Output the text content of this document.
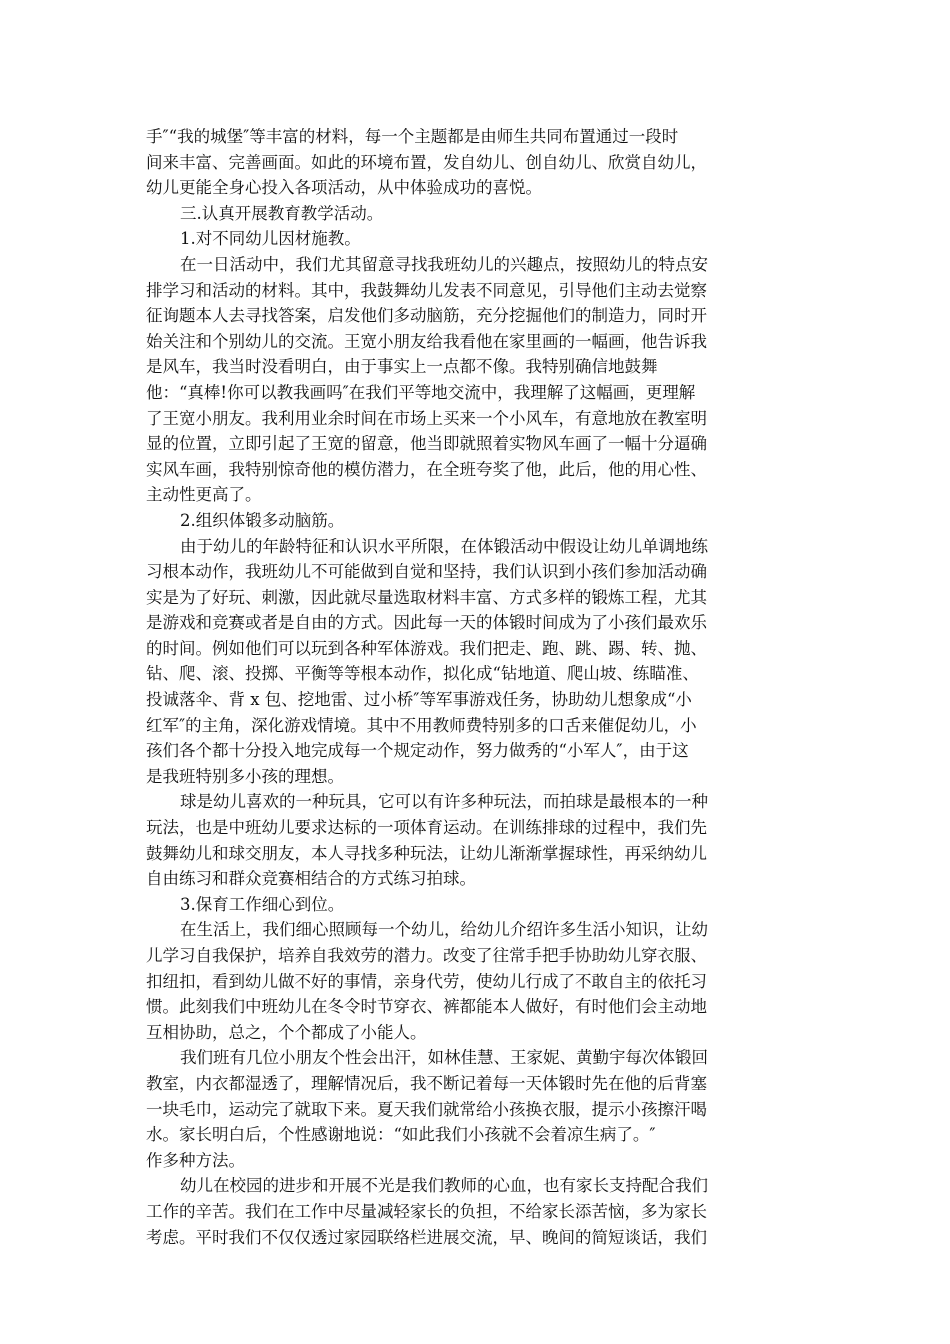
手″“我的城堡″等丰富的材料，每一个主题都是由师生共同布置通过一段时
间来丰富、完善画面。如此的环境布置，发自幼儿、创自幼儿、欣赏自幼儿，
幼儿更能全身心投入各项活动，从中体验成功的喜悦。
三.认真开展教育教学活动。
1.对不同幼儿因材施教。
在一日活动中，我们尤其留意寻找我班幼儿的兴趣点，按照幼儿的特点安
排学习和活动的材料。其中，我鼓舞幼儿发表不同意见，引导他们主动去觉察
征询题本人去寻找答案，启发他们多动脑筋，充分挖掘他们的制造力，同时开
始关注和个别幼儿的交流。王宽小朋友给我看他在家里画的一幅画，他告诉我
是风车，我当时没看明白，由于事实上一点都不像。我特别确信地鼓舞
他：“真棒!你可以教我画吗″在我们平等地交流中，我理解了这幅画，更理解
了王宽小朋友。我利用业余时间在市场上买来一个小风车，有意地放在教室明
显的位置，立即引起了王宽的留意，他当即就照着实物风车画了一幅十分逼确
实风车画，我特别惊奇他的模仿潜力，在全班夸奖了他，此后，他的用心性、
主动性更高了。
2.组织体锻多动脑筋。
由于幼儿的年龄特征和认识水平所限，在体锻活动中假设让幼儿单调地练
习根本动作，我班幼儿不可能做到自觉和坚持，我们认识到小孩们参加活动确
实是为了好玩、刺激，因此就尽量选取材料丰富、方式多样的锻炼工程，尤其
是游戏和竞赛或者是自由的方式。因此每一天的体锻时间成为了小孩们最欢乐
的时间。例如他们可以玩到各种军体游戏。我们把走、跑、跳、踢、转、抛、
钻、爬、滚、投掷、平衡等等根本动作，拟化成“钻地道、爬山坡、练瞄准、
投诚落伞、背 x 包、挖地雷、过小桥″等军事游戏任务，协助幼儿想象成“小
红军″的主角，深化游戏情境。其中不用教师费特别多的口舌来催促幼儿，小
孩们各个都十分投入地完成每一个规定动作，努力做秀的“小军人″，由于这
是我班特别多小孩的理想。
球是幼儿喜欢的一种玩具，它可以有许多种玩法，而拍球是最根本的一种
玩法，也是中班幼儿要求达标的一项体育运动。在训练排球的过程中，我们先
鼓舞幼儿和球交朋友，本人寻找多种玩法，让幼儿渐渐掌握球性，再采纳幼儿
自由练习和群众竞赛相结合的方式练习拍球。
3.保育工作细心到位。
在生活上，我们细心照顾每一个幼儿，给幼儿介绍许多生活小知识，让幼
儿学习自我保护，培养自我效劳的潜力。改变了往常手把手协助幼儿穿衣服、
扣纽扣，看到幼儿做不好的事情，亲身代劳，使幼儿行成了不敢自主的依托习
惯。此刻我们中班幼儿在冬令时节穿衣、裤都能本人做好，有时他们会主动地
互相协助，总之，个个都成了小能人。
我们班有几位小朋友个性会出汗，如林佳慧、王家妮、黄勤宇每次体锻回
教室，内衣都湿透了，理解情况后，我不断记着每一天体锻时先在他的后背塞
一块毛巾，运动完了就取下来。夏天我们就常给小孩换衣服，提示小孩擦汗喝
水。家长明白后，个性感谢地说：“如此我们小孩就不会着凉生病了。″
作多种方法。
幼儿在校园的进步和开展不光是我们教师的心血，也有家长支持配合我们
工作的辛苦。我们在工作中尽量减轻家长的负担，不给家长添苦恼，多为家长
考虑。平时我们不仅仅透过家园联络栏进展交流，早、晚间的简短谈话，我们
